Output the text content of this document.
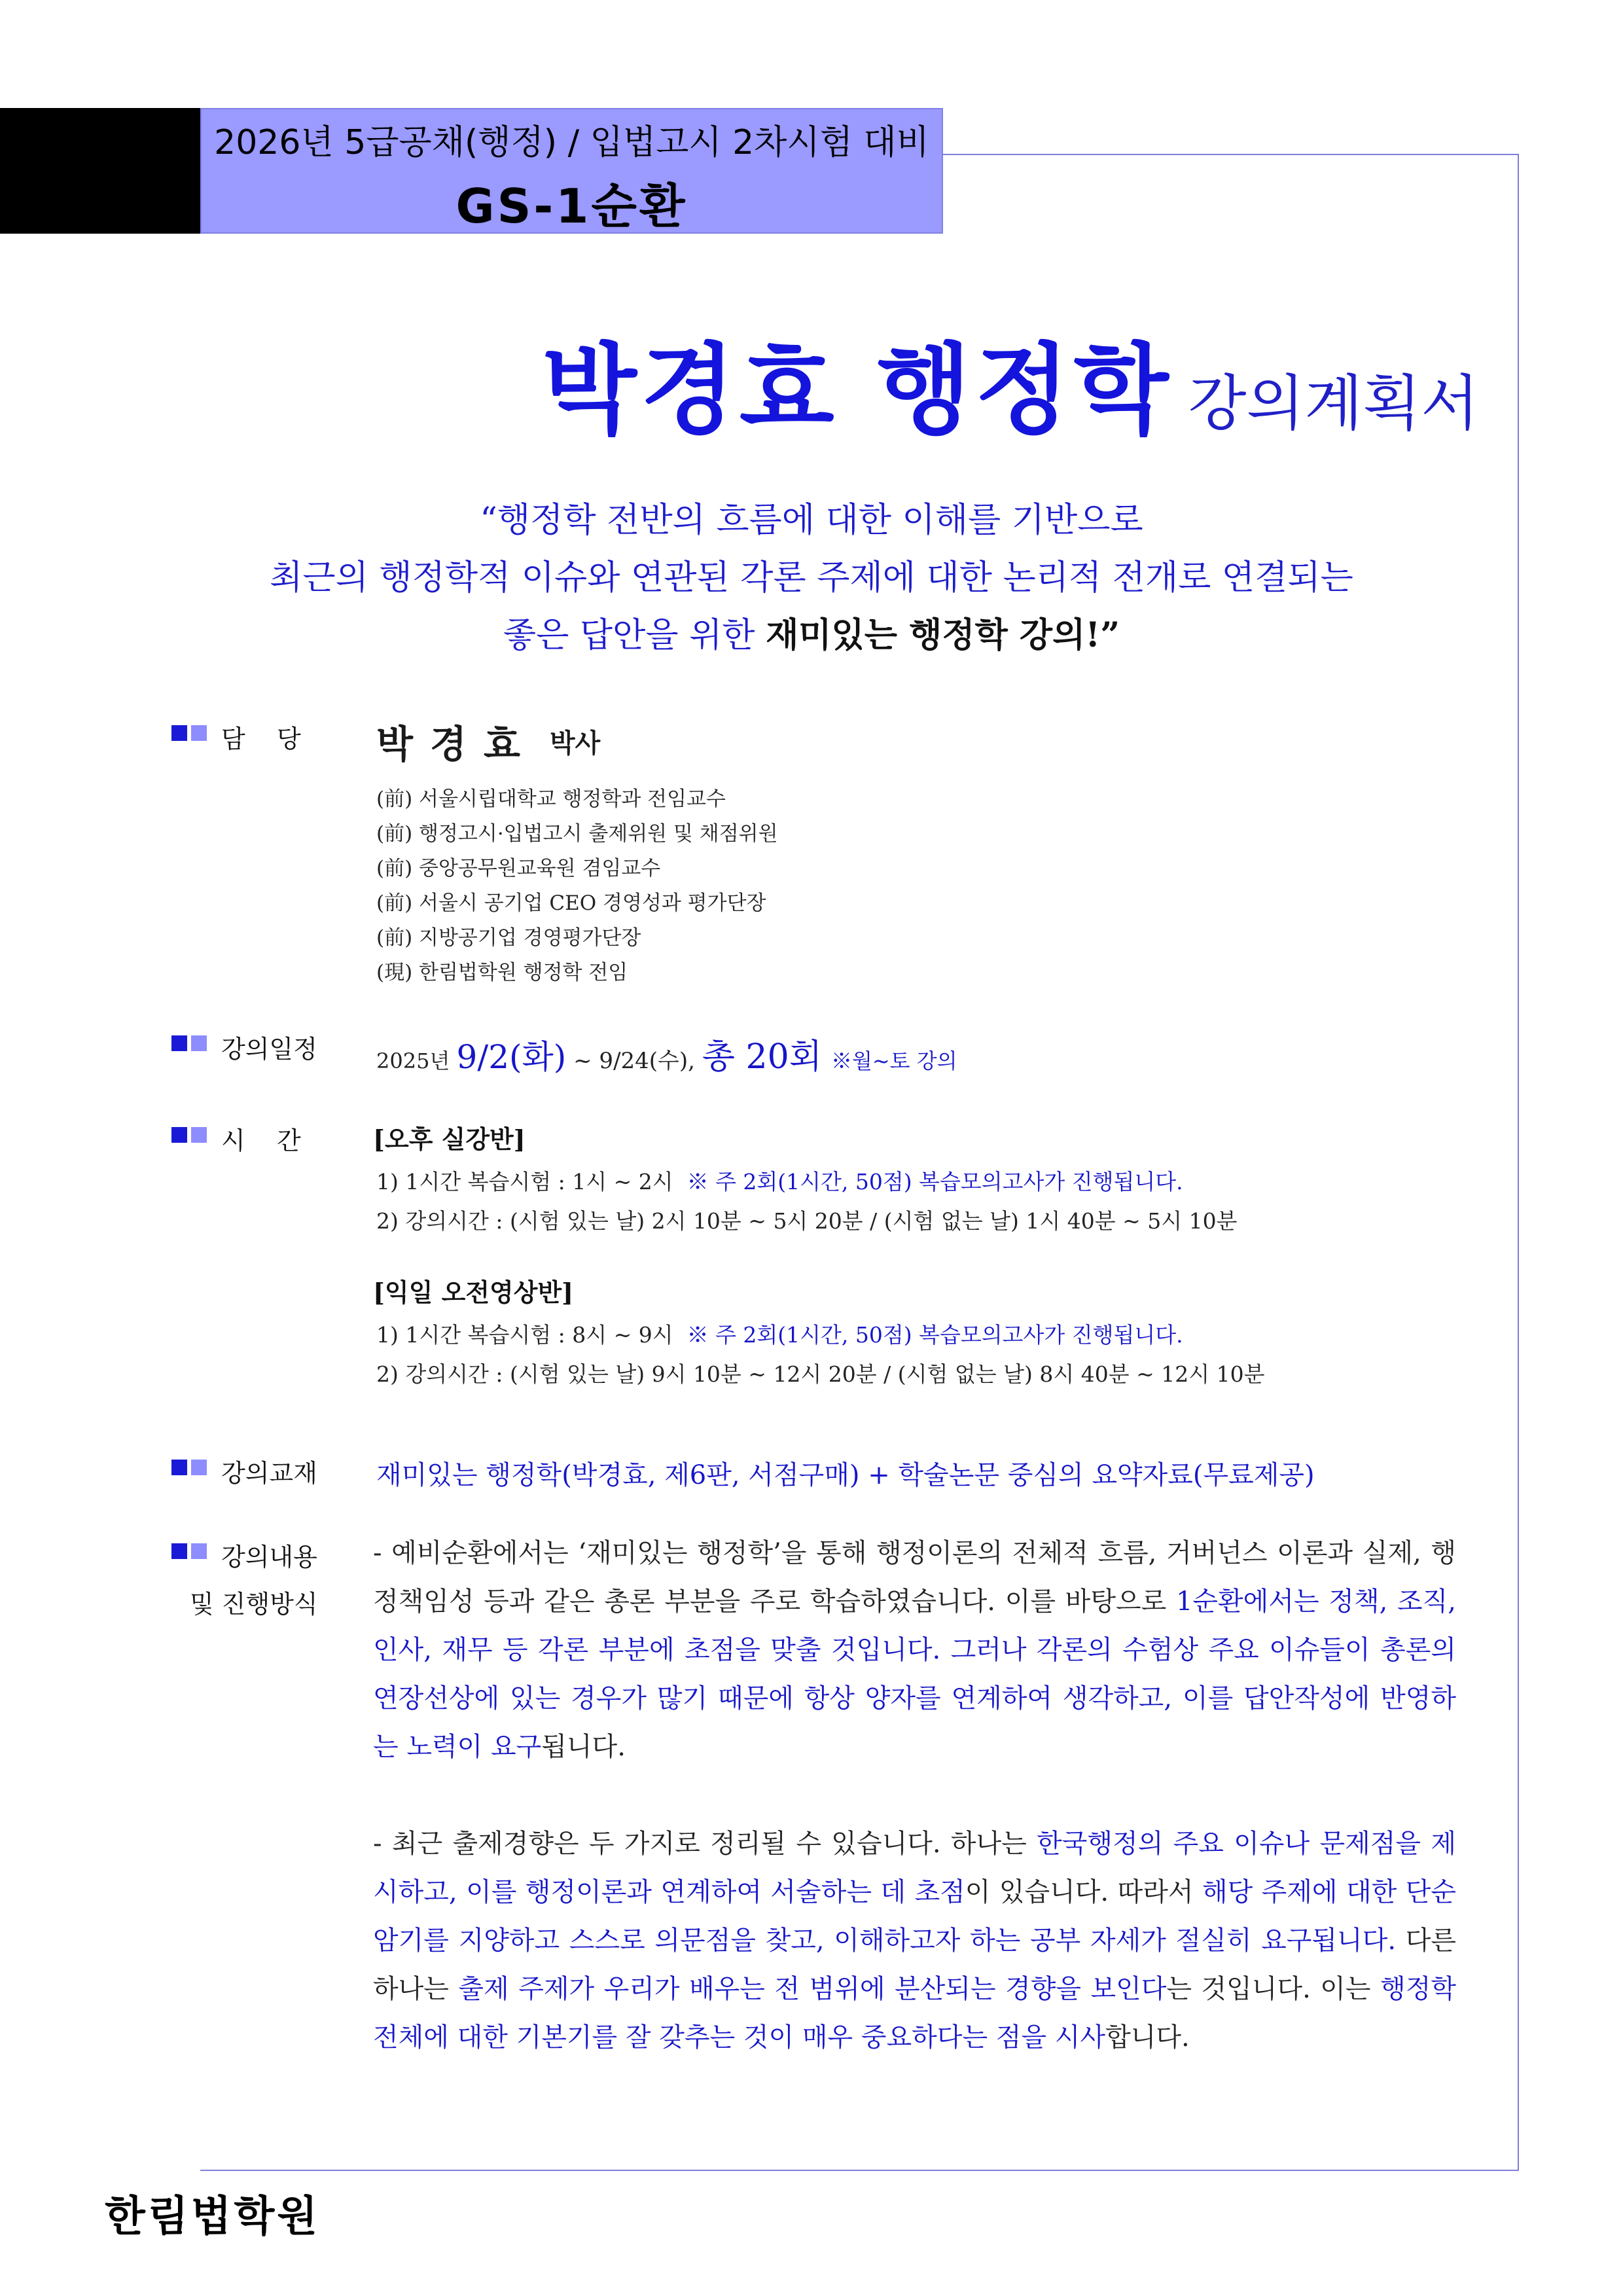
2026년 5급공채(행정) / 입법고시 2차시험 대비
GS-1순환
박경효 행정학 강의계획서
“행정학 전반의 흐름에 대한 이해를 기반으로
최근의 행정학적 이슈와 연관된 각론 주제에 대한 논리적 전개로 연결되는
좋은 답안을 위한 재미있는 행정학 강의!”
담    당 박경효 박사
(前) 서울시립대학교 행정학과 전임교수
(前) 행정고시·입법고시 출제위원 및 채점위원
(前) 중앙공무원교육원 겸임교수
(前) 서울시 공기업 CEO 경영성과 평가단장
(前) 지방공기업 경영평가단장
(現) 한림법학원 행정학 전임
강의일정	2025년 9/2(화) ~ 9/24(수), 총 20회 ※월~토 강의
시    간	[오후 실강반]
1) 1시간 복습시험 : 1시 ~ 2시 ※ 주 2회(1시간, 50점) 복습모의고사가 진행됩니다.
2) 강의시간 : (시험 있는 날) 2시 10분 ~ 5시 20분 / (시험 없는 날) 1시 40분 ~ 5시 10분
[익일 오전영상반]
1) 1시간 복습시험 : 8시 ~ 9시 ※ 주 2회(1시간, 50점) 복습모의고사가 진행됩니다.
2) 강의시간 : (시험 있는 날) 9시 10분 ~ 12시 20분 / (시험 없는 날) 8시 40분 ~ 12시 10분
강의교재 재미있는 행정학(박경효, 제6판, 서점구매) + 학술논문 중심의 요약자료(무료제공)
강의내용
및 진행방식
- 예비순환에서는 ‘재미있는 행정학’을 통해 행정이론의 전체적 흐름, 거버넌스 이론과 실제, 행정책임성 등과 같은 총론 부분을 주로 학습하였습니다. 이를 바탕으로 1순환에서는 정책, 조직, 인사, 재무 등 각론 부분에 초점을 맞출 것입니다. 그러나 각론의 수험상 주요 이슈들이 총론의 연장선상에 있는 경우가 많기 때문에 항상 양자를 연계하여 생각하고, 이를 답안작성에 반영하는 노력이 요구됩니다.
- 최근 출제경향은 두 가지로 정리될 수 있습니다. 하나는 한국행정의 주요 이슈나 문제점을 제시하고, 이를 행정이론과 연계하여 서술하는 데 초점이 있습니다. 따라서 해당 주제에 대한 단순 암기를 지양하고 스스로 의문점을 찾고, 이해하고자 하는 공부 자세가 절실히 요구됩니다. 다른 하나는 출제 주제가 우리가 배우는 전 범위에 분산되는 경향을 보인다는 것입니다. 이는 행정학 전체에 대한 기본기를 잘 갖추는 것이 매우 중요하다는 점을 시사합니다.
한림법학원
